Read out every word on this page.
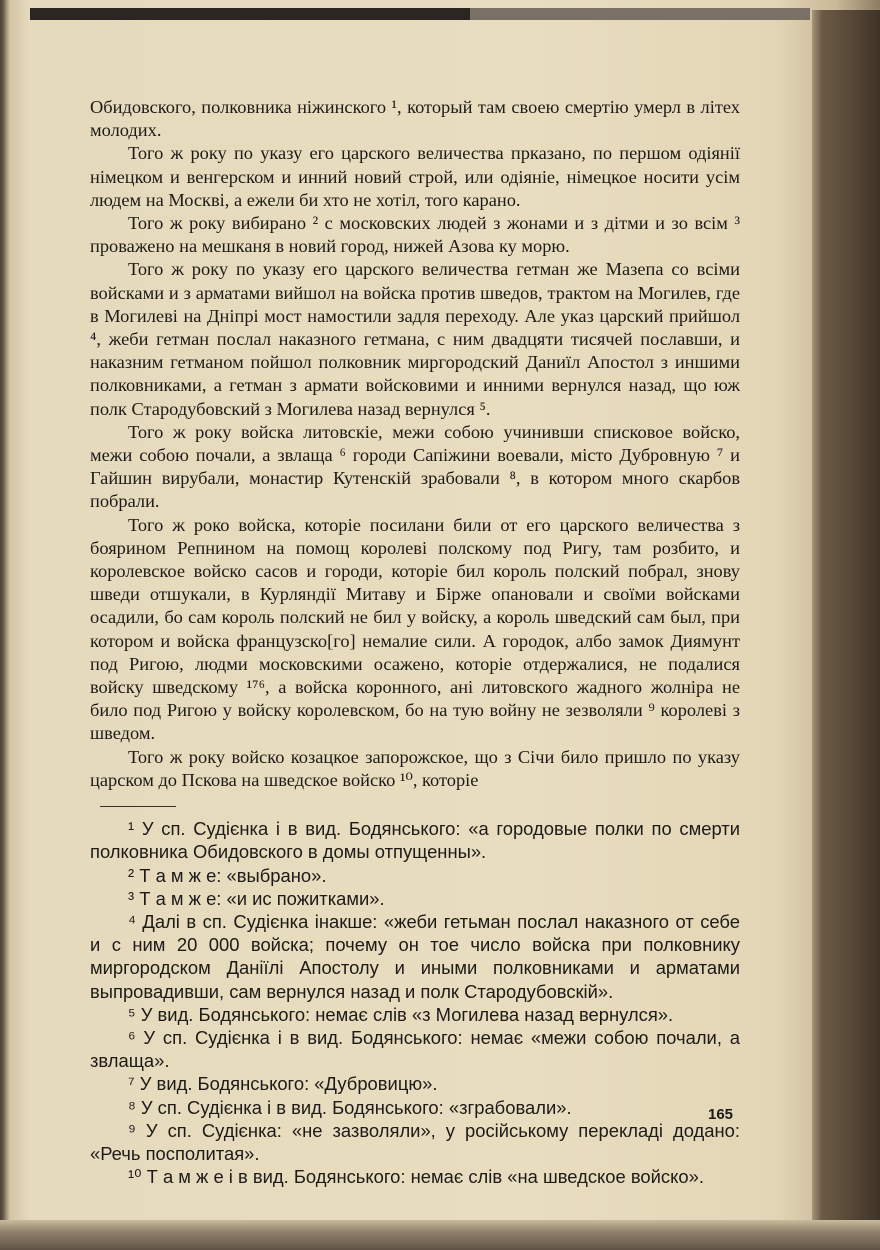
Обидовского, полковника ніжинского ¹, который там своею смертію умерл в літех молодих.

Того ж року по указу его царского величества прказано, по першом одіянії німецком и венгерском и инний новий строй, или одіяніе, німецкое носити усім людем на Москві, а ежели би хто не хотіл, того карано.

Того ж року вибирано ² с московских людей з жонами и з дітми и зо всім ³ проважено на мешканя в новий город, нижей Азова ку морю.

Того ж року по указу его царского величества гетман же Мазепа со всіми войсками и з арматами вийшол на войска против шведов, трактом на Могилев, где в Могилеві на Дніпрі мост намостили задля переходу. Але указ царский прийшол ⁴, жеби гетман послал наказного гетмана, с ним двадцяти тисячей пославши, и наказним гетманом пойшол полковник миргородский Даниїл Апостол з иншими полковниками, а гетман з армати войсковими и инними вернулся назад, що юж полк Стародубовский з Могилева назад вернулся ⁵.

Того ж року войска литовскіе, межи собою учинивши списковое войско, межи собою почали, а звлаща ⁶ городи Сапіжини воевали, місто Дубровную ⁷ и Гайшин вирубали, монастир Кутенскій зрабовали ⁸, в котором много скарбов побрали.

Того ж роко войска, которіе посилани били от его царского величества з боярином Репнином на помощ королеві полскому под Ригу, там розбито, и королевское войско сасов и городи, которіе бил король полский побрал, знову шведи отшукали, в Курляндії Митаву и Бірже опановали и своїми войсками осадили, бо сам король полский не бил у войску, а король шведский сам был, при котором и войска французско[го] немалие сили. А городок, албо замок Диямунт под Ригою, людми московскими осажено, которіе отдержалися, не подалися войску шведскому ¹⁷⁶, а войска коронного, ані литовского жадного жолніра не било под Ригою у войску королевском, бо на тую войну не зезволяли ⁹ королеві з шведом.

Того ж року войско козацкое запорожское, що з Січи било пришло по указу царском до Пскова на шведское войско ¹⁰, которіе

¹ У сп. Судієнка і в вид. Бодянського: «а городовые полки по смерти полковника Обидовского в домы отпущенны».

² Т а м ж е: «выбрано».

³ Т а м ж е: «и ис пожитками».

⁴ Далі в сп. Судієнка інакше: «жеби гетьман послал наказного от себе и с ним 20 000 войска; почему он тое число войска при полковнику миргородском Даніїлі Апостолу и иными полковниками и арматами выпровадивши, сам вернулся назад и полк Стародубовскій».

⁵ У вид. Бодянського: немає слів «з Могилева назад вернулся».

⁶ У сп. Судієнка і в вид. Бодянського: немає «межи собою почали, а звлаща».

⁷ У вид. Бодянського: «Дубровицю».

⁸ У сп. Судієнка і в вид. Бодянського: «зграбовали».

⁹ У сп. Судієнка: «не зазволяли», у російському перекладі додано: «Речь посполитая».

¹⁰ Т а м ж е і в вид. Бодянського: немає слів «на шведское войско».

165
